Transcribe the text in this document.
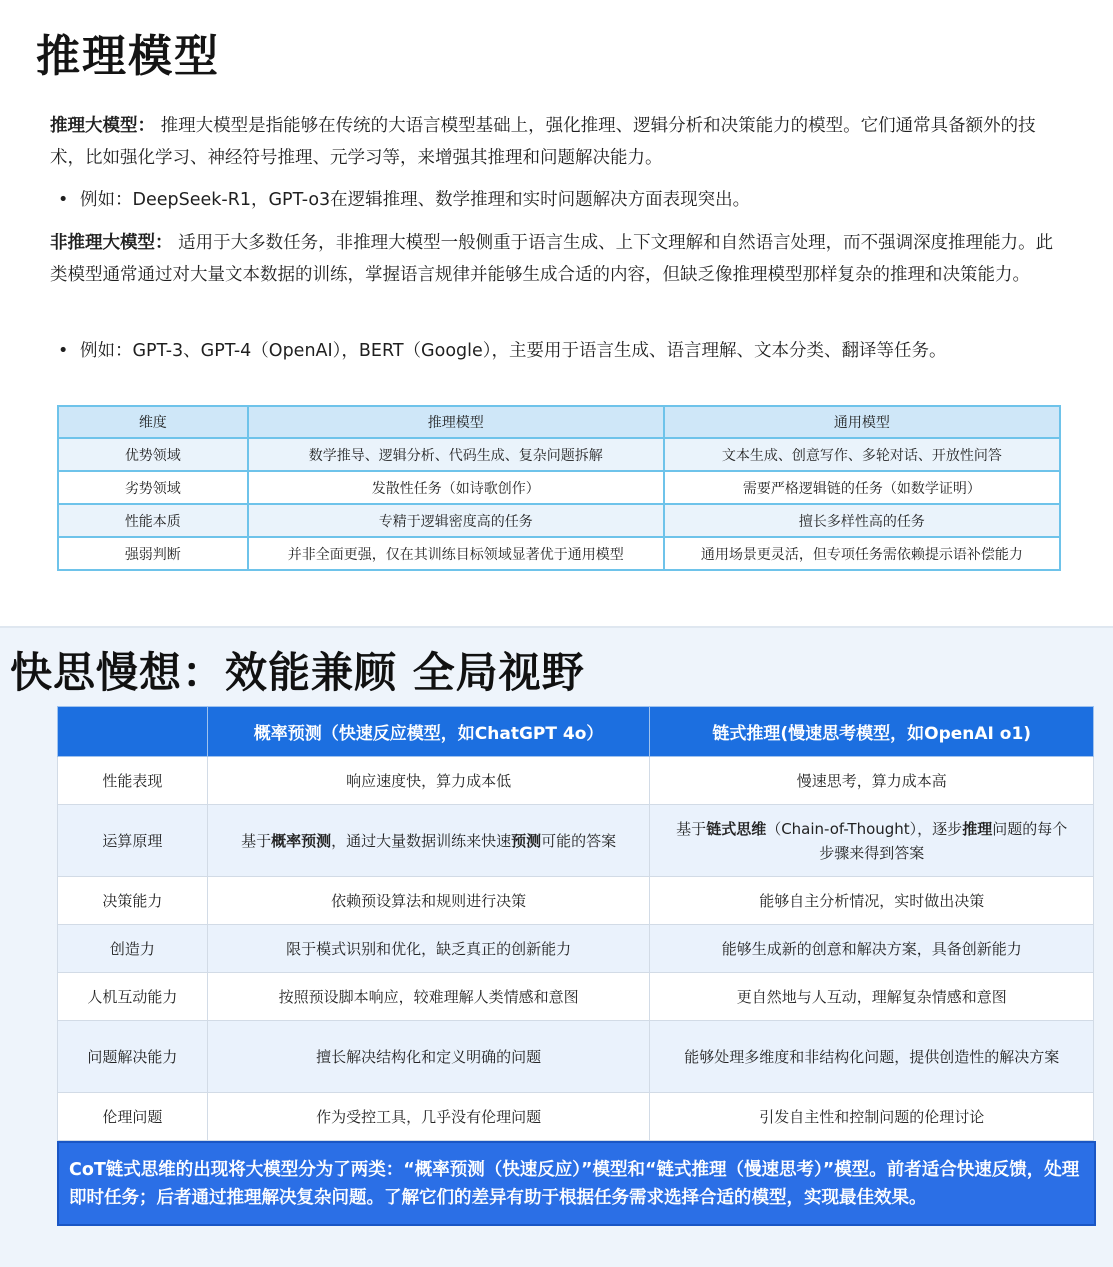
推理模型
推理大模型： 推理大模型是指能够在传统的大语言模型基础上，强化推理、逻辑分析和决策能力的模型。它们通常具备额外的技术，比如强化学习、神经符号推理、元学习等，来增强其推理和问题解决能力。
• 例如：DeepSeek-R1，GPT-o3在逻辑推理、数学推理和实时问题解决方面表现突出。
非推理大模型： 适用于大多数任务，非推理大模型一般侧重于语言生成、上下文理解和自然语言处理，而不强调深度推理能力。此类模型通常通过对大量文本数据的训练，掌握语言规律并能够生成合适的内容，但缺乏像推理模型那样复杂的推理和决策能力。
• 例如：GPT-3、GPT-4（OpenAI），BERT（Google），主要用于语言生成、语言理解、文本分类、翻译等任务。
维度	推理模型	通用模型
优势领域	数学推导、逻辑分析、代码生成、复杂问题拆解	文本生成、创意写作、多轮对话、开放性问答
劣势领域	发散性任务（如诗歌创作）	需要严格逻辑链的任务（如数学证明）
性能本质	专精于逻辑密度高的任务	擅长多样性高的任务
强弱判断	并非全面更强，仅在其训练目标领域显著优于通用模型	通用场景更灵活，但专项任务需依赖提示语补偿能力
快思慢想：效能兼顾 全局视野
	概率预测（快速反应模型，如ChatGPT 4o）	链式推理(慢速思考模型，如OpenAI o1)
性能表现	响应速度快，算力成本低	慢速思考，算力成本高
运算原理	基于概率预测，通过大量数据训练来快速预测可能的答案	基于链式思维（Chain-of-Thought），逐步推理问题的每个步骤来得到答案
决策能力	依赖预设算法和规则进行决策	能够自主分析情况，实时做出决策
创造力	限于模式识别和优化，缺乏真正的创新能力	能够生成新的创意和解决方案，具备创新能力
人机互动能力	按照预设脚本响应，较难理解人类情感和意图	更自然地与人互动，理解复杂情感和意图
问题解决能力	擅长解决结构化和定义明确的问题	能够处理多维度和非结构化问题，提供创造性的解决方案
伦理问题	作为受控工具，几乎没有伦理问题	引发自主性和控制问题的伦理讨论
CoT链式思维的出现将大模型分为了两类：“概率预测（快速反应）”模型和“链式推理（慢速思考）”模型。前者适合快速反馈，处理即时任务；后者通过推理解决复杂问题。了解它们的差异有助于根据任务需求选择合适的模型，实现最佳效果。
